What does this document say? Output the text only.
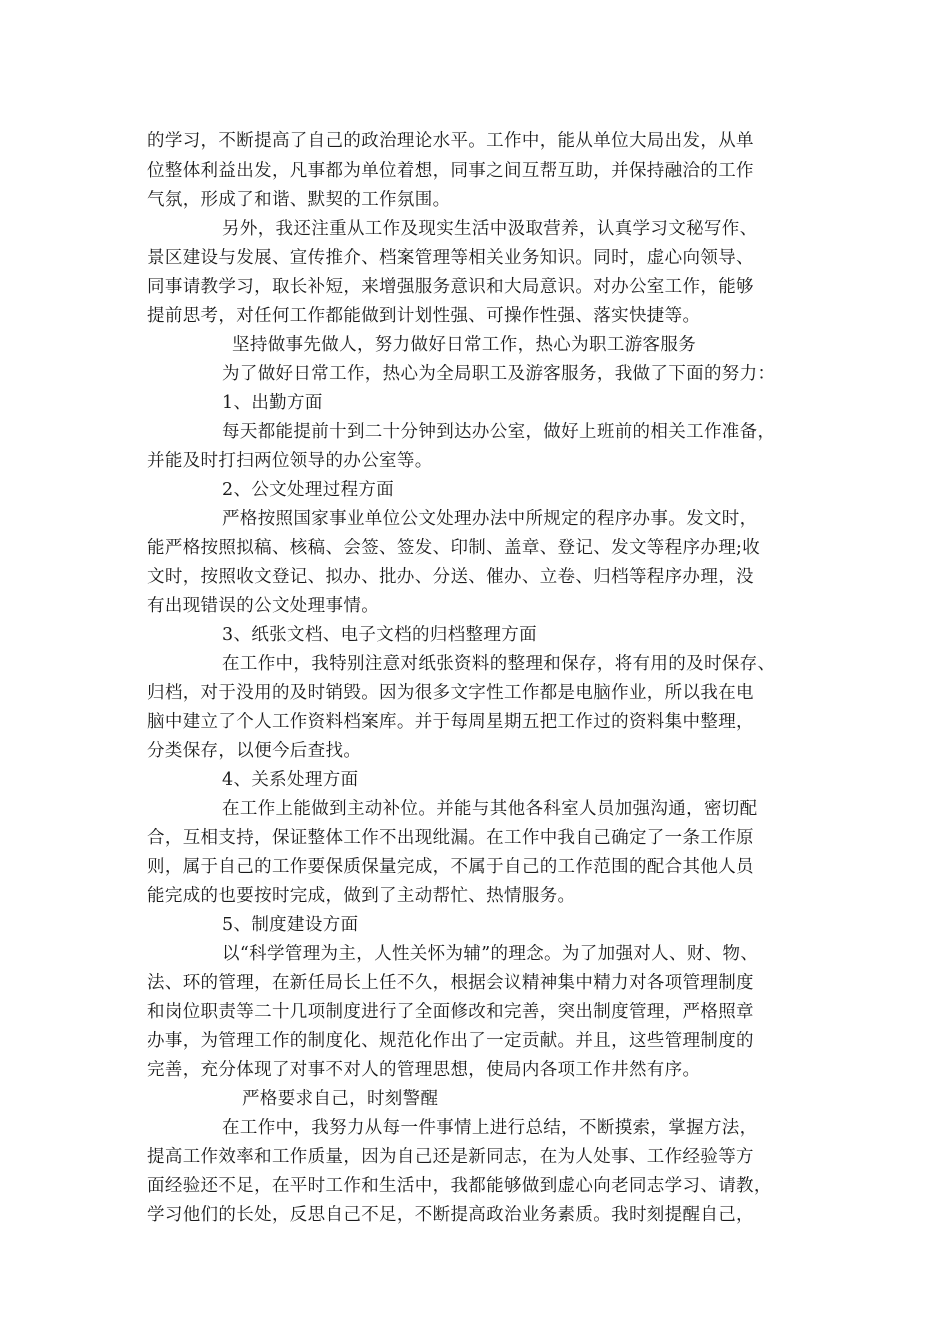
的学习，不断提高了自己的政治理论水平。工作中，能从单位大局出发，从单
位整体利益出发，凡事都为单位着想，同事之间互帮互助，并保持融洽的工作
气氛，形成了和谐、默契的工作氛围。
另外，我还注重从工作及现实生活中汲取营养，认真学习文秘写作、
景区建设与发展、宣传推介、档案管理等相关业务知识。同时，虚心向领导、
同事请教学习，取长补短，来增强服务意识和大局意识。对办公室工作，能够
提前思考，对任何工作都能做到计划性强、可操作性强、落实快捷等。
坚持做事先做人，努力做好日常工作，热心为职工游客服务
为了做好日常工作，热心为全局职工及游客服务，我做了下面的努力：
1、出勤方面
每天都能提前十到二十分钟到达办公室，做好上班前的相关工作准备，
并能及时打扫两位领导的办公室等。
2、公文处理过程方面
严格按照国家事业单位公文处理办法中所规定的程序办事。发文时，
能严格按照拟稿、核稿、会签、签发、印制、盖章、登记、发文等程序办理;收
文时，按照收文登记、拟办、批办、分送、催办、立卷、归档等程序办理，没
有出现错误的公文处理事情。
3、纸张文档、电子文档的归档整理方面
在工作中，我特别注意对纸张资料的整理和保存，将有用的及时保存、
归档，对于没用的及时销毁。因为很多文字性工作都是电脑作业，所以我在电
脑中建立了个人工作资料档案库。并于每周星期五把工作过的资料集中整理，
分类保存，以便今后查找。
4、关系处理方面
在工作上能做到主动补位。并能与其他各科室人员加强沟通，密切配
合，互相支持，保证整体工作不出现纰漏。在工作中我自己确定了一条工作原
则，属于自己的工作要保质保量完成，不属于自己的工作范围的配合其他人员
能完成的也要按时完成，做到了主动帮忙、热情服务。
5、制度建设方面
以“科学管理为主，人性关怀为辅”的理念。为了加强对人、财、物、
法、环的管理，在新任局长上任不久，根据会议精神集中精力对各项管理制度
和岗位职责等二十几项制度进行了全面修改和完善，突出制度管理，严格照章
办事，为管理工作的制度化、规范化作出了一定贡献。并且，这些管理制度的
完善，充分体现了对事不对人的管理思想，使局内各项工作井然有序。
严格要求自己，时刻警醒
在工作中，我努力从每一件事情上进行总结，不断摸索，掌握方法，
提高工作效率和工作质量，因为自己还是新同志，在为人处事、工作经验等方
面经验还不足，在平时工作和生活中，我都能够做到虚心向老同志学习、请教，
学习他们的长处，反思自己不足，不断提高政治业务素质。我时刻提醒自己，
